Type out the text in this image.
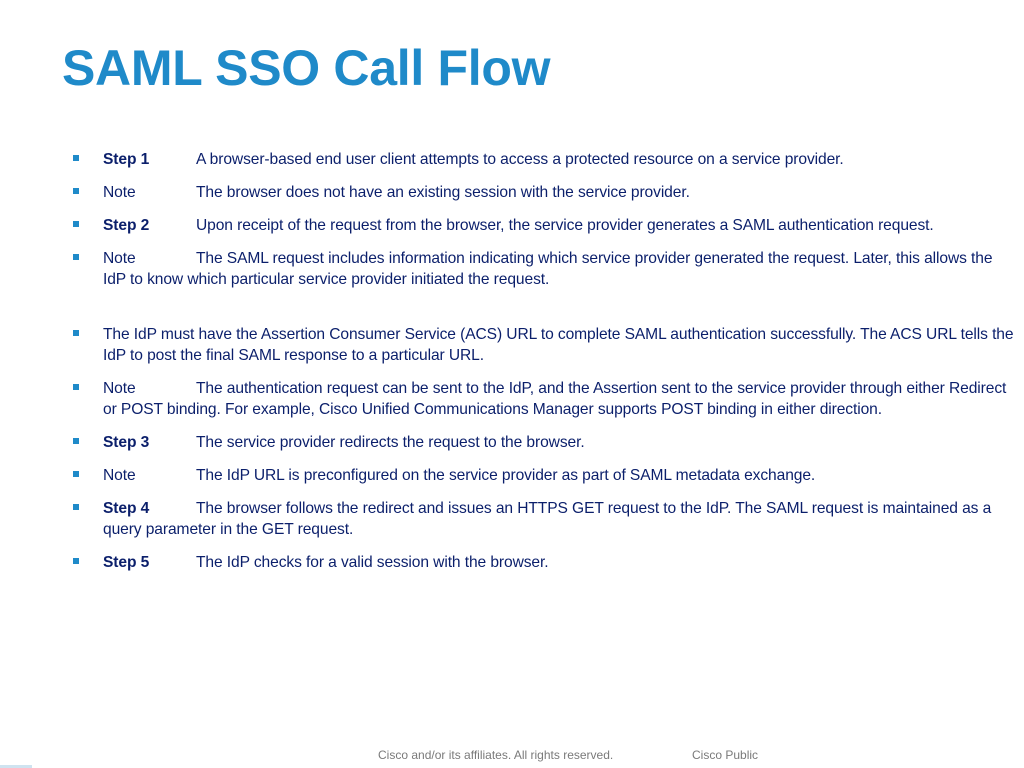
SAML SSO Call Flow
Step 1	A browser-based end user client attempts to access a protected resource on a service provider.
Note	The browser does not have an existing session with the service provider.
Step 2	Upon receipt of the request from the browser, the service provider generates a SAML authentication request.
Note	The SAML request includes information indicating which service provider generated the request. Later, this allows the IdP to know which particular service provider initiated the request.
The IdP must have the Assertion Consumer Service (ACS) URL to complete SAML authentication successfully. The ACS URL tells the IdP to post the final SAML response to a particular URL.
Note	The authentication request can be sent to the IdP, and the Assertion sent to the service provider through either Redirect or POST binding. For example, Cisco Unified Communications Manager supports POST binding in either direction.
Step 3	The service provider redirects the request to the browser.
Note	The IdP URL is preconfigured on the service provider as part of SAML metadata exchange.
Step 4	The browser follows the redirect and issues an HTTPS GET request to the IdP. The SAML request is maintained as a query parameter in the GET request.
Step 5	The IdP checks for a valid session with the browser.
Cisco and/or its affiliates. All rights reserved.	Cisco Public
